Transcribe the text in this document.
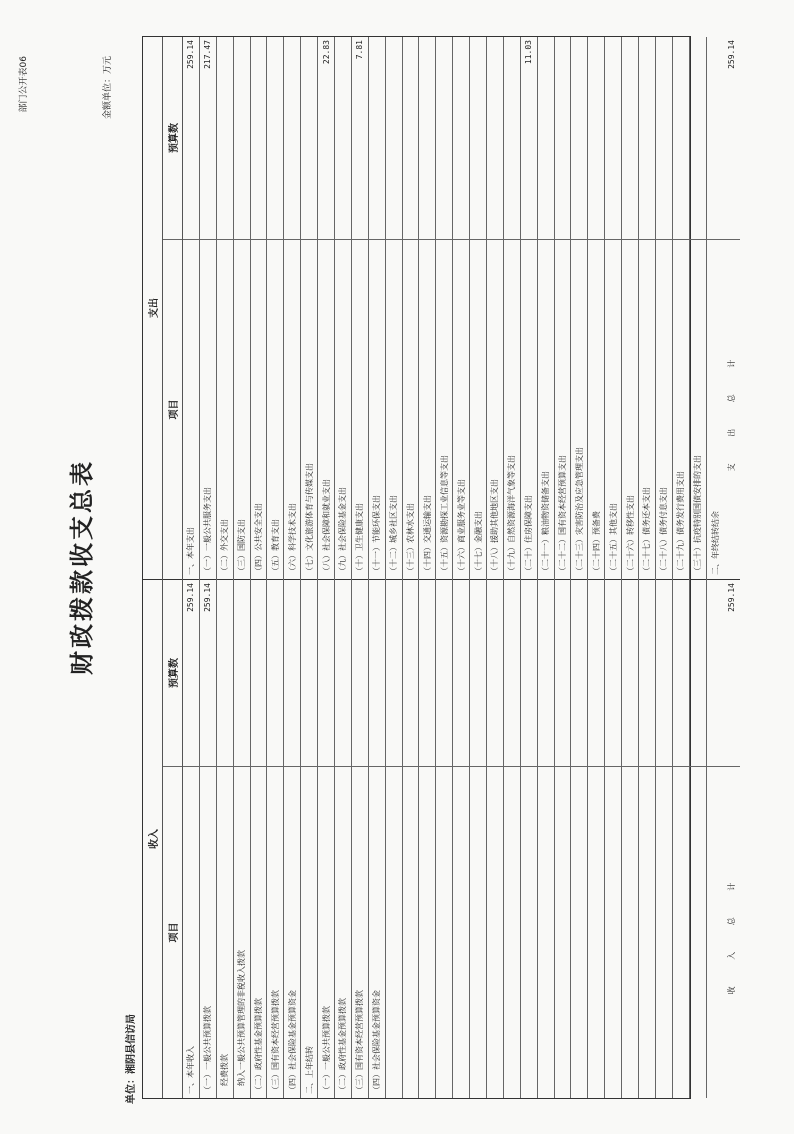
部门公开表06
财政拨款收支总表
金额单位：万元
单位：湘阴县信访局
收入
支出
项目
预算数
项目
预算数
一、本年收入
259.14
一、本年支出
259.14
（一）一般公共预算拨款
259.14
（一）一般公共服务支出
217.47
经费拨款
（二）外交支出
纳入一般公共预算管理的非税收入拨款
（三）国防支出
（二）政府性基金预算拨款
（四）公共安全支出
（三）国有资本经营预算拨款
（五）教育支出
（四）社会保险基金预算资金
（六）科学技术支出
二、上年结转
（七）文化旅游体育与传媒支出
（一）一般公共预算拨款
（八）社会保障和就业支出
22.83
（二）政府性基金预算拨款
（九）社会保险基金支出
（三）国有资本经营预算拨款
（十）卫生健康支出
7.81
（四）社会保险基金预算资金
（十一）节能环保支出 （十二）城乡社区支出 （十三）农林水支出 （十四）交通运输支出 （十五）资源勘探工业信息等支出 （十六）商业服务业等支出 （十七）金融支出 （十八）援助其他地区支出 （十九）自然资源海洋气象等支出 （二十）住房保障支出
11.03
（二十一）粮油物资储备支出 （二十二）国有资本经营预算支出 （二十三）灾害防治及应急管理支出 （二十四）预备费 （二十五）其他支出 （二十六）转移性支出 （二十七）债务还本支出 （二十八）债务付息支出 （二十九）债务发行费用支出 （三十）抗疫特别国债安排的支出	二、年终结转结余
收 入 总 计
259.14
支 出 总 计
259.14
